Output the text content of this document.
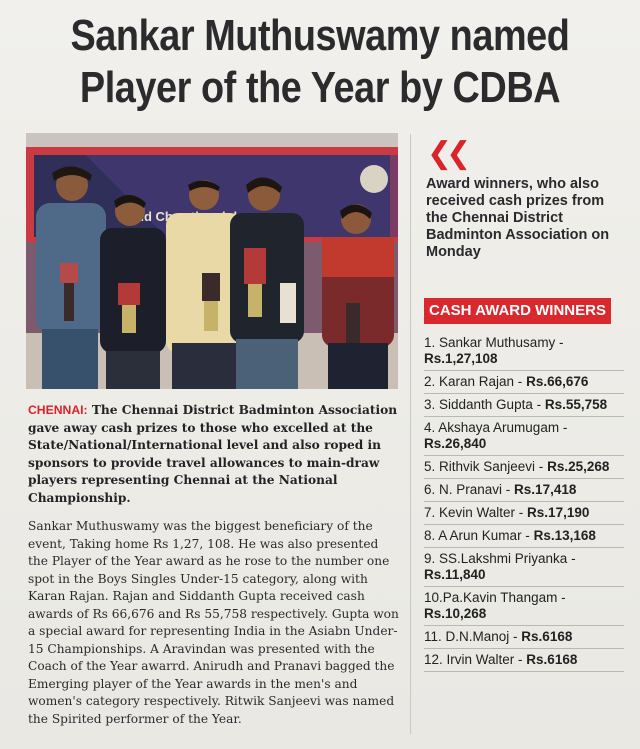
Sankar Muthuswamy named
Player of the Year by CDBA
Cha
❮❮
Award winners, who also received cash prizes from the Chennai District Badminton Association on Monday
CASH AWARD WINNERS
1. Sankar Muthusamy - Rs.1,27,108
2. Karan Rajan - Rs.66,676
3. Siddanth Gupta - Rs.55,758
4. Akshaya Arumugam - Rs.26,840
5. Rithvik Sanjeevi - Rs.25,268
6. N. Pranavi - Rs.17,418
7. Kevin Walter - Rs.17,190
8. A Arun Kumar - Rs.13,168
9. SS.Lakshmi Priyanka - Rs.11,840
10.Pa.Kavin Thangam - Rs.10,268
11. D.N.Manoj - Rs.6168
12. Irvin Walter - Rs.6168
CHENNAI: The Chennai District Badminton Association gave away cash prizes to those who excelled at the State/National/International level and also roped in sponsors to provide travel allowances to main-draw players representing Chennai at the National Championship.
Sankar Muthuswamy was the biggest beneficiary of the event, Taking home Rs 1,27, 108. He was also presented the Player of the Year award as he rose to the number one spot in the Boys Singles Under-15 category, along with Karan Rajan. Rajan and Siddanth Gupta received cash awards of Rs 66,676 and Rs 55,758 respectively. Gupta won a special award for representing India in the Asiabn Under-15 Championships. A Aravindan was presented with the Coach of the Year awarrd. Anirudh and Pranavi bagged the Emerging player of the Year awards in the men's and women's category respectively. Ritwik Sanjeevi was named the Spirited performer of the Year.
